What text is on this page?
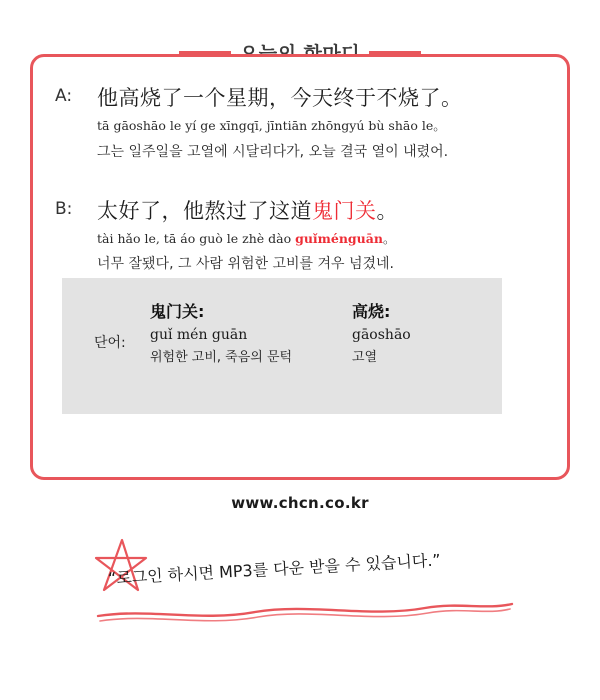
A: 他高烧了一个星期，今天终于不烧了。
tā gāoshāo le yí ge xīngqī, jīntiān zhōngyú bù shāo le。
그는 일주일을 고열에 시달리다가, 오늘 결국 열이 내렸어.
B: 太好了，他熬过了这道鬼门关。
tài hǎo le, tā áo guò le zhè dào guǐménguān。
너무 잘됐다, 그 사람 위험한 고비를 겨우 넘겼네.
단어:
鬼门关:
guǐ mén guān
위험한 고비, 죽음의 문턱
高烧:
gāoshāo
고열
www.chcn.co.kr
“로그인 하시면 MP3를 다운 받을 수 있습니다.”
